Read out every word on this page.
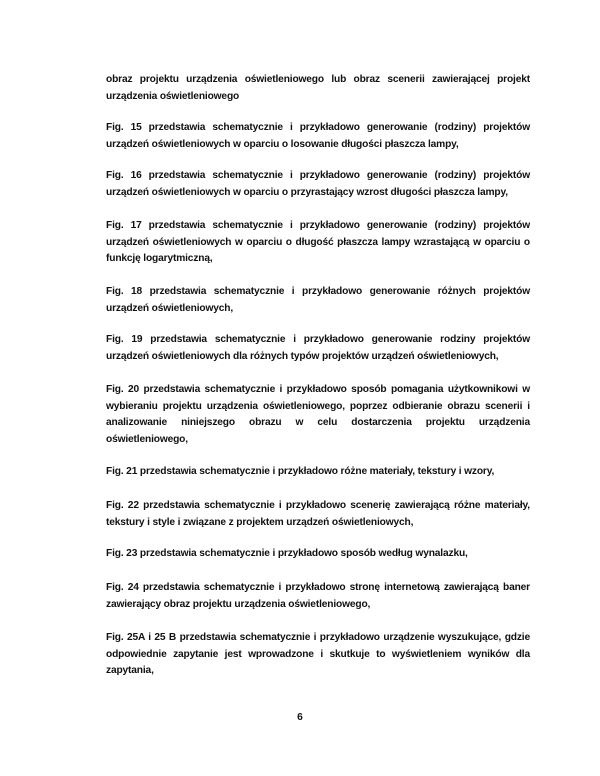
obraz projektu urządzenia oświetleniowego lub obraz scenerii zawierającej projekt urządzenia oświetleniowego

Fig. 15 przedstawia schematycznie i przykładowo generowanie (rodziny) projektów urządzeń oświetleniowych w oparciu o losowanie długości płaszcza lampy,

Fig. 16 przedstawia schematycznie i przykładowo generowanie (rodziny) projektów urządzeń oświetleniowych w oparciu o przyrastający wzrost długości płaszcza lampy,

Fig. 17 przedstawia schematycznie i przykładowo generowanie (rodziny) projektów urządzeń oświetleniowych w oparciu o długość płaszcza lampy wzrastającą w oparciu o funkcję logarytmiczną,

Fig. 18 przedstawia schematycznie i przykładowo generowanie różnych projektów urządzeń oświetleniowych,

Fig. 19 przedstawia schematycznie i przykładowo generowanie rodziny projektów urządzeń oświetleniowych dla różnych typów projektów urządzeń oświetleniowych,

Fig. 20 przedstawia schematycznie i przykładowo sposób pomagania użytkownikowi w wybieraniu projektu urządzenia oświetleniowego, poprzez odbieranie obrazu scenerii i analizowanie niniejszego obrazu w celu dostarczenia projektu urządzenia oświetleniowego,

Fig. 21 przedstawia schematycznie i przykładowo różne materiały, tekstury i wzory,

Fig. 22 przedstawia schematycznie i przykładowo scenerię zawierającą różne materiały, tekstury i style i związane z projektem urządzeń oświetleniowych,

Fig. 23 przedstawia schematycznie i przykładowo sposób według wynalazku,

Fig. 24 przedstawia schematycznie i przykładowo stronę internetową zawierającą baner zawierający obraz projektu urządzenia oświetleniowego,

Fig. 25A i 25 B przedstawia schematycznie i przykładowo urządzenie wyszukujące, gdzie odpowiednie zapytanie jest wprowadzone i skutkuje to wyświetleniem wyników dla zapytania,

6
